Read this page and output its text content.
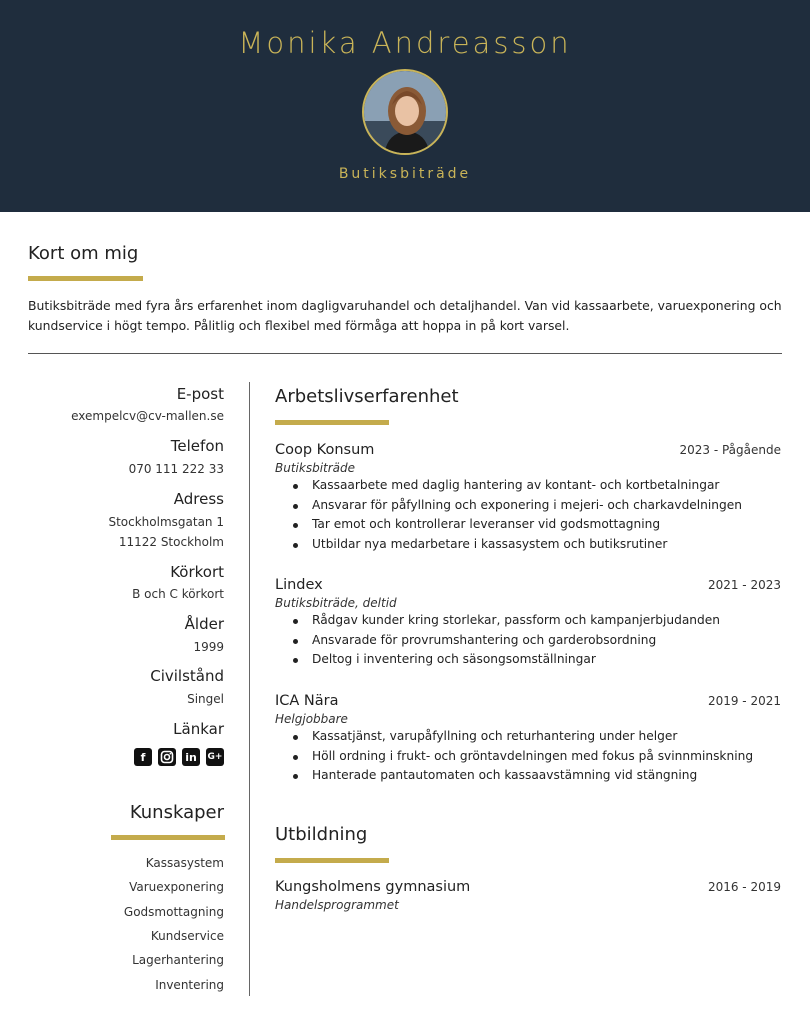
Monika Andreasson
Butiksbiträde
Kort om mig
Butiksbiträde med fyra års erfarenhet inom dagligvaruhandel och detaljhandel. Van vid kassaarbete, varuexponering och kundservice i högt tempo. Pålitlig och flexibel med förmåga att hoppa in på kort varsel.
E-post
exempelcv@cv-mallen.se
Telefon
070 111 222 33
Adress
Stockholmsgatan 1
11122 Stockholm
Körkort
B och C körkort
Ålder
1999
Civilstånd
Singel
Länkar
f	in	G+
Kunskaper
Kassasystem
Varuexponering
Godsmottagning
Kundservice
Lagerhantering
Inventering
Arbetslivserfarenhet
Coop Konsum	2023 - Pågående
Butiksbiträde
Kassaarbete med daglig hantering av kontant- och kortbetalningar
Ansvarar för påfyllning och exponering i mejeri- och charkavdelningen
Tar emot och kontrollerar leveranser vid godsmottagning
Utbildar nya medarbetare i kassasystem och butiksrutiner
Lindex	2021 - 2023
Butiksbiträde, deltid
Rådgav kunder kring storlekar, passform och kampanjerbjudanden
Ansvarade för provrumshantering och garderobsordning
Deltog i inventering och säsongsomställningar
ICA Nära	2019 - 2021
Helgjobbare
Kassatjänst, varupåfyllning och returhantering under helger
Höll ordning i frukt- och gröntavdelningen med fokus på svinnminskning
Hanterade pantautomaten och kassaavstämning vid stängning
Utbildning
Kungsholmens gymnasium	2016 - 2019
Handelsprogrammet
